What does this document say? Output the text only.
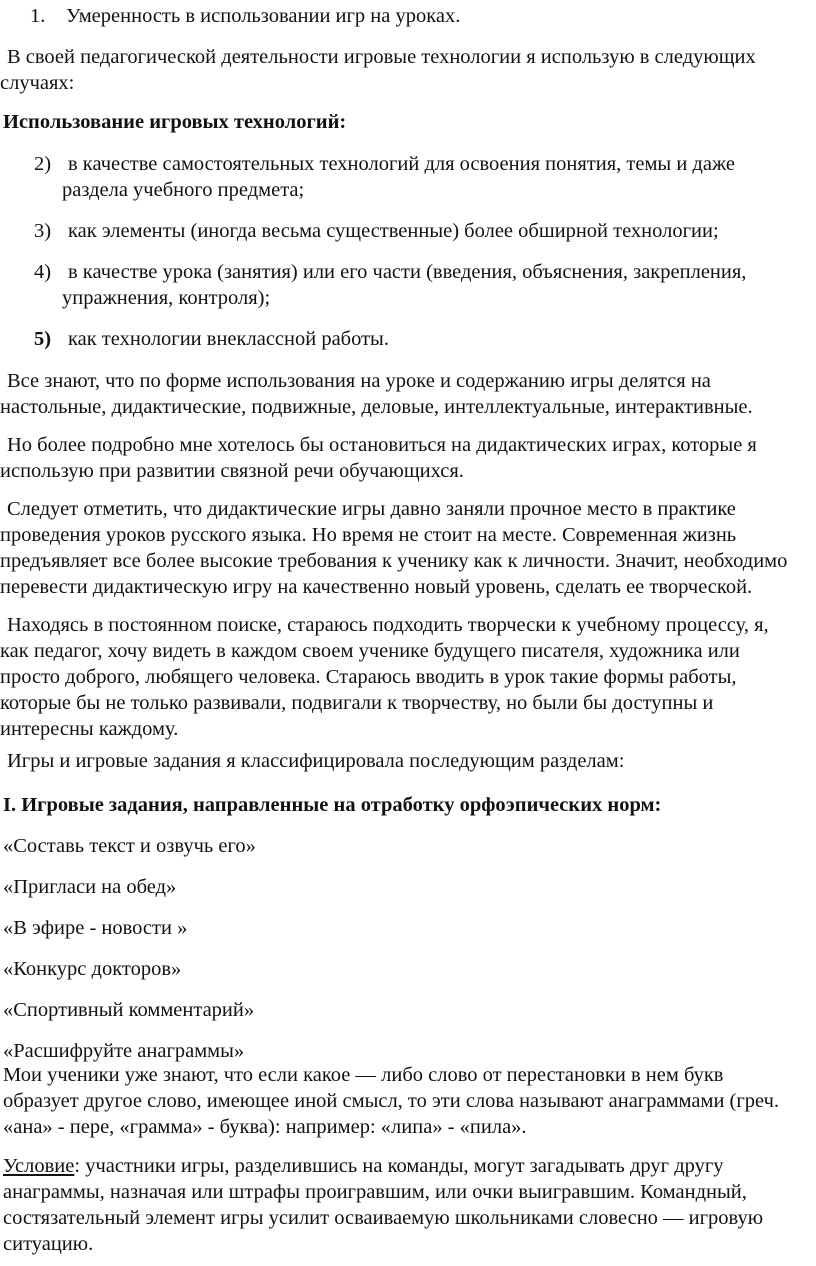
1. Умеренность в использовании игр на уроках.

В своей педагогической деятельности игровые технологии я использую в следующих случаях:

Использование игровых технологий:
2) в качестве самостоятельных технологий для освоения понятия, темы и даже
раздела учебного предмета;
3) как элементы (иногда весьма существенные) более обширной технологии;
4) в качестве урока (занятия) или его части (введения, объяснения, закрепления,
упражнения, контроля);
5) как технологии внеклассной работы.

Все знают, что по форме использования на уроке и содержанию игры делятся на настольные, дидактические, подвижные, деловые, интеллектуальные, интерактивные.

Но более подробно мне хотелось бы остановиться на дидактических играх, которые я использую при развитии связной речи обучающихся.

Следует отметить, что дидактические игры давно заняли прочное место в практике проведения уроков русского языка. Но время не стоит на месте. Современная жизнь предъявляет все более высокие требования к ученику как к личности. Значит, необходимо перевести дидактическую игру на качественно новый уровень, сделать ее творческой.

Находясь в постоянном поиске, стараюсь подходить творчески к учебному процессу, я, как педагог, хочу видеть в каждом своем ученике будущего писателя, художника или просто доброго, любящего человека. Стараюсь вводить в урок такие формы работы, которые бы не только развивали, подвигали к творчеству, но были бы доступны и интересны каждому.

Игры и игровые задания я классифицировала последующим разделам:
I. Игровые задания, направленные на отработку орфоэпических норм:
«Составь текст и озвучь его»
«Пригласи на обед»
«В эфире - новости »
«Конкурс докторов»
«Спортивный комментарий»
«Расшифруйте анаграммы»

Мои ученики уже знают, что если какое — либо слово от перестановки в нем букв образует другое слово, имеющее иной смысл, то эти слова называют анаграммами (греч. «ана» - пере, «грамма» - буква): например: «липа» - «пила».

Условие: участники игры, разделившись на команды, могут загадывать друг другу анаграммы, назначая или штрафы проигравшим, или очки выигравшим. Командный, состязательный элемент игры усилит осваиваемую школьниками словесно — игровую ситуацию.
